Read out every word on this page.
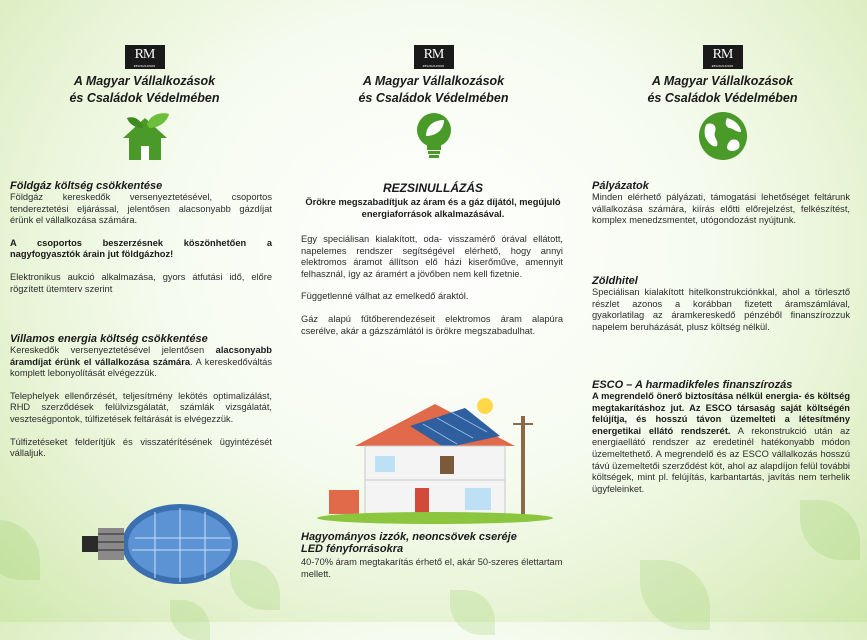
RM
RESZIGNATION
A Magyar Vállalkozások
és Családok Védelmében
Földgáz költség csökkentése

Földgáz kereskedők versenyeztetésével, csoportos tendereztetési eljárással, jelentősen alacsonyabb gázdíjat érünk el vállalkozása számára.

A csoportos beszerzésnek köszönhetően a nagyfogyasztók árain jut földgázhoz!

Elektronikus aukció alkalmazása, gyors átfutási idő, előre rögzített ütemterv szerint

Villamos energia költség csökkentése

Kereskedők versenyeztetésével jelentősen alacsonyabb áramdíjat érünk el vállalkozása számára. A kereskedőváltás komplett lebonyolítását elvégezzük.

Telephelyek ellenőrzését, teljesítmény lekötés optimalizálást, RHD szerződések felülvizsgálatát, számlák vizsgálatát, veszteségpontok, túlfizetések feltárását is elvégezzük.

Túlfizetéseket felderítjük és visszatérítésének ügyintézését vállaljuk.

RM
RESZIGNATION
A Magyar Vállalkozások
és Családok Védelmében
REZSINULLÁZÁS
Örökre megszabadítjuk az áram és a gáz díjától, megújuló energiaforrások alkalmazásával.

Egy speciálisan kialakított, oda- visszamérő órával ellátott, napelemes rendszer segítségével elérhető, hogy annyi elektromos áramot állítson elő házi kiserőműve, amennyit felhasznál, így az áramért a jövőben nem kell fizetnie.

Függetlenné válhat az emelkedő áraktól.

Gáz alapú fűtőberendezéseit elektromos áram alapúra cserélve, akár a gázszámlától is örökre megszabadulhat.

Hagyományos izzók, neoncsövek cseréje
LED fényforrásokra

40-70% áram megtakarítás érhető el, akár 50-szeres élettartam mellett.

RM
RESZIGNATION
A Magyar Vállalkozások
és Családok Védelmében
Pályázatok

Minden elérhető pályázati, támogatási lehetőséget feltárunk vállalkozása számára, kiírás előtti előrejelzést, felkészítést, komplex menedzsmentet, utógondozást nyújtunk.

Zöldhitel

Speciálisan kialakított hitelkonstrukciónkkal, ahol a törlesztő részlet azonos a korábban fizetett áramszámlával, gyakorlatilag az áramkereskedő pénzéből finanszírozzuk napelem beruházását, plusz költség nélkül.

ESCO – A harmadikfeles finanszírozás

A megrendelő önerő biztosítása nélkül energia- és költség megtakarításhoz jut. Az ESCO társaság saját költségén felújítja, és hosszú távon üzemelteti a létesítmény energetikai ellátó rendszerét. A rekonstrukció után az energiaellátó rendszer az eredetinél hatékonyabb módon üzemeltethető. A megrendelő és az ESCO vállalkozás hosszú távú üzemeltetői szerződést köt, ahol az alapdíjon felül további költségek, mint pl. felújítás, karbantartás, javítás nem terhelik ügyfeleinket.
